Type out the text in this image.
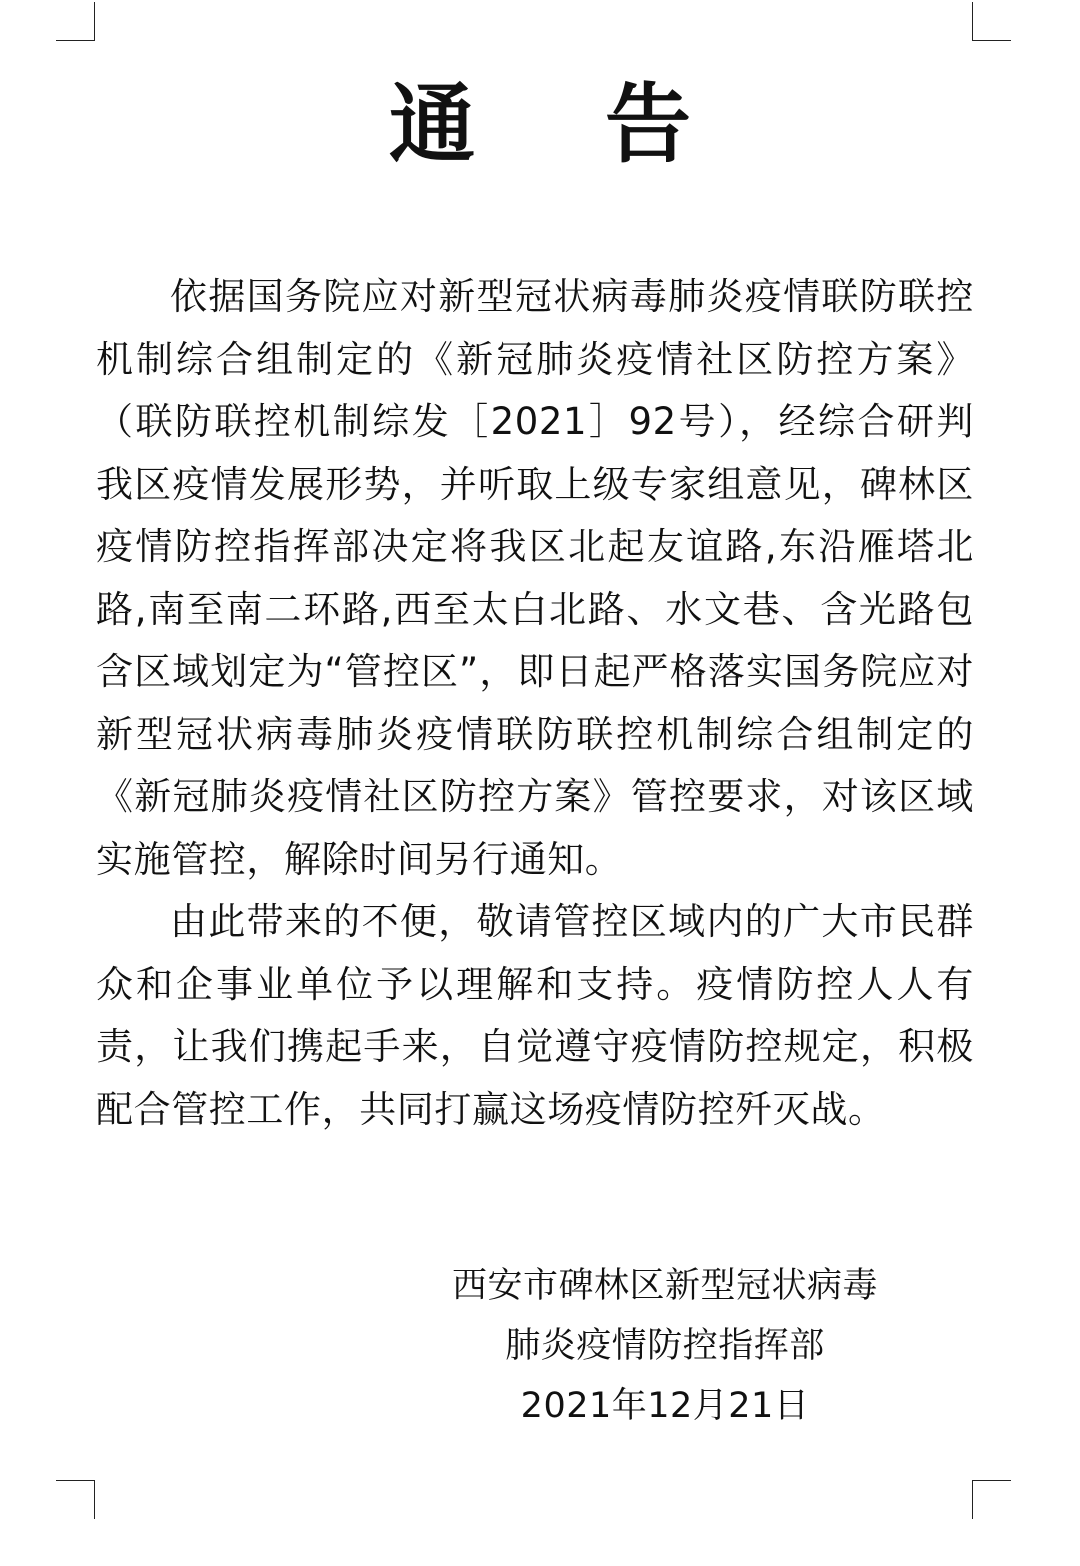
通告

依据国务院应对新型冠状病毒肺炎疫情联防联控机制综合组制定的《新冠肺炎疫情社区防控方案》（联防联控机制综发［2021］92号），经综合研判我区疫情发展形势，并听取上级专家组意见，碑林区疫情防控指挥部决定将我区北起友谊路,东沿雁塔北路,南至南二环路,西至太白北路、水文巷、含光路包含区域划定为“管控区”，即日起严格落实国务院应对新型冠状病毒肺炎疫情联防联控机制综合组制定的《新冠肺炎疫情社区防控方案》管控要求，对该区域实施管控，解除时间另行通知。

由此带来的不便，敬请管控区域内的广大市民群众和企事业单位予以理解和支持。疫情防控人人有责，让我们携起手来，自觉遵守疫情防控规定，积极配合管控工作，共同打赢这场疫情防控歼灭战。

西安市碑林区新型冠状病毒
肺炎疫情防控指挥部
2021年12月21日
